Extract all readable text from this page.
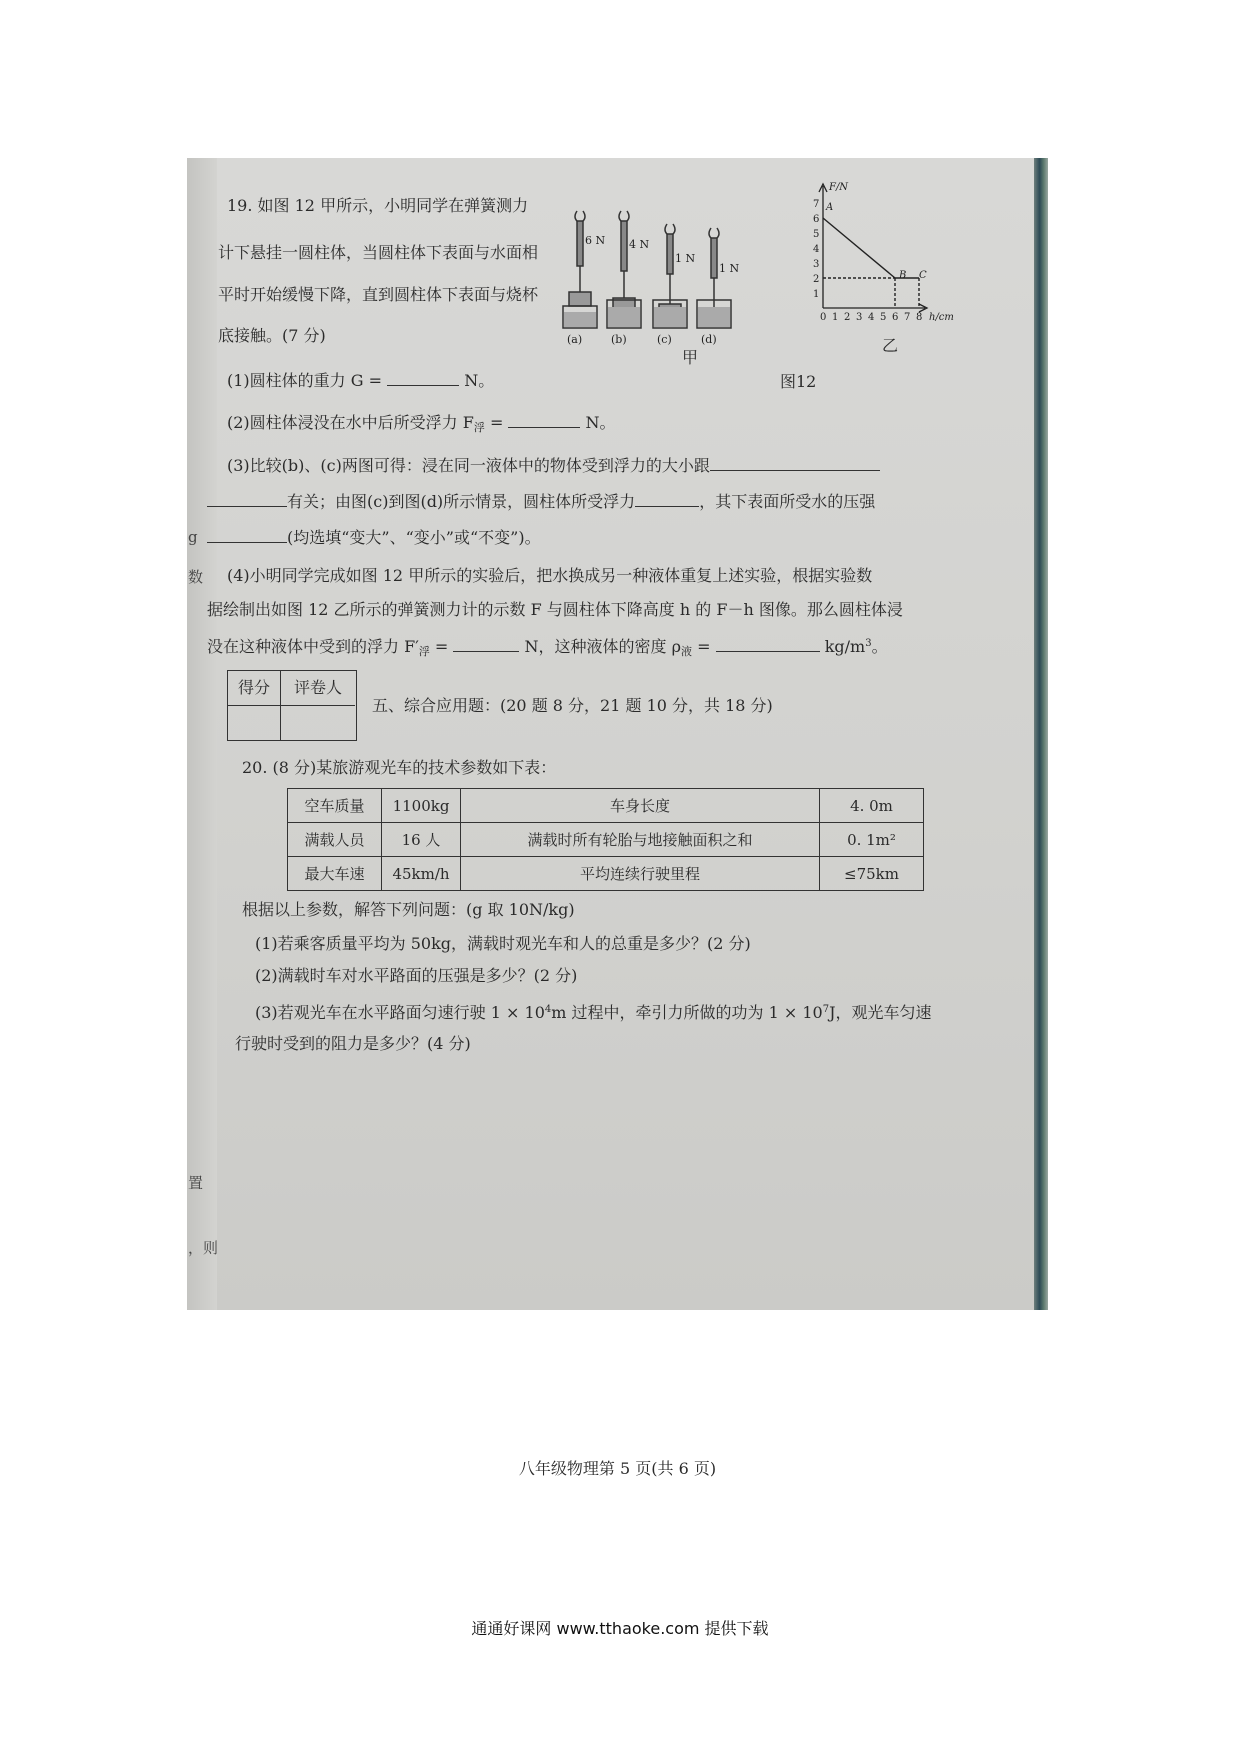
19. 如图 12 甲所示，小明同学在弹簧测力
计下悬挂一圆柱体，当圆柱体下表面与水面相
平时开始缓慢下降，直到圆柱体下表面与烧杯
底接触。(7 分)
6 N 4 N
1 N
1 N
(a)	(b)	(c)	(d)
甲
图12
1
2
3
4
5
6
7
0 1 2 3 4 5 6 7 8
F/N
h/cm
A
B C
乙
(1)圆柱体的重力 G =	N。
(2)圆柱体浸没在水中后所受浮力 $F_浮$ =	N。
(3)比较(b)、(c)两图可得：浸在同一液体中的物体受到浮力的大小跟
有关；由图(c)到图(d)所示情景，圆柱体所受浮力	，其下表面所受水的压强
(均选填“变大”、“变小”或“不变”)。
(4)小明同学完成如图 12 甲所示的实验后，把水换成另一种液体重复上述实验，根据实验数
据绘制出如图 12 乙所示的弹簧测力计的示数 F 与圆柱体下降高度 h 的 F－h 图像。那么圆柱体浸
没在这种液体中受到的浮力 $F'_浮$ =	N，这种液体的密度 $\rho_液$ =	$kg/m^3$。
得分	评卷人
五、综合应用题：(20 题 8 分，21 题 10 分，共 18 分)
20. (8 分)某旅游观光车的技术参数如下表：
空车质量	1100kg	车身长度	4. 0m
满载人员	16 人	满载时所有轮胎与地接触面积之和	0. 1m²
最大车速	45km/h	平均连续行驶里程	≤75km
根据以上参数，解答下列问题：(g 取 10N/kg)
(1)若乘客质量平均为 50kg，满载时观光车和人的总重是多少？(2 分)
(2)满载时车对水平路面的压强是多少？(2 分)
(3)若观光车在水平路面匀速行驶 $1 \times 10^4m$ 过程中，牵引力所做的功为 $1 \times 10^7J$，观光车匀速
行驶时受到的阻力是多少？(4 分)
八年级物理第 5 页(共 6 页)
g
数
置
，则
通通好课网 www.tthaoke.com 提供下载
